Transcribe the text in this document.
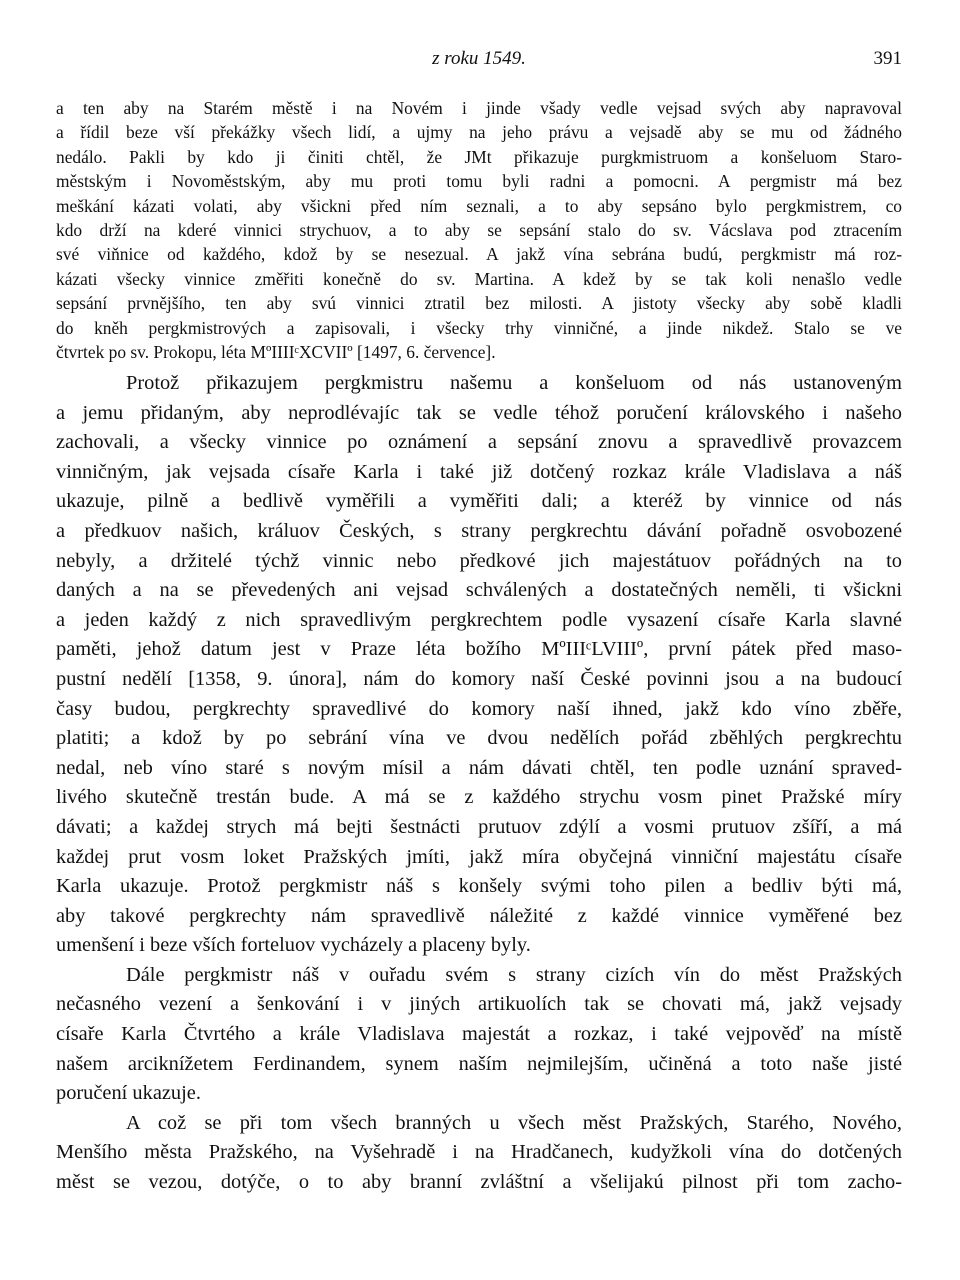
z roku 1549.	391

a ten aby na Starém městě i na Novém i jinde všady vedle vejsad svých aby napravoval
a řídil beze vší překážky všech lidí, a ujmy na jeho právu a vejsadě aby se mu od žádného
nedálo. Pakli by kdo ji činiti chtěl, že JMt přikazuje purgkmistruom a konšeluom Staro-
městským i Novoměstským, aby mu proti tomu byli radni a pomocni. A pergmistr má bez
meškání kázati volati, aby všickni před ním seznali, a to aby sepsáno bylo pergkmistrem, co
kdo drží na kderé vinnici strychuov, a to aby se sepsání stalo do sv. Vácslava pod ztracením
své viňnice od každého, kdož by se nesezual. A jakž vína sebrána budú, pergkmistr má roz-
kázati všecky vinnice změřiti konečně do sv. Martina. A kdež by se tak koli nenašlo vedle
sepsání prvnějšího, ten aby svú vinnici ztratil bez milosti. A jistoty všecky aby sobě kladli
do kněh pergkmistrových a zapisovali, i všecky trhy vinničné, a jinde nikdež. Stalo se ve
čtvrtek po sv. Prokopu, léta MºIIIIᶜXCVIIº [1497, 6. července].

Protož přikazujem pergkmistru našemu a konšeluom od nás ustanoveným
a jemu přidaným, aby neprodlévajíc tak se vedle téhož poručení královského i našeho
zachovali, a všecky vinnice po oznámení a sepsání znovu a spravedlivě provazcem
vinničným, jak vejsada císaře Karla i také již dotčený rozkaz krále Vladislava a náš
ukazuje, pilně a bedlivě vyměřili a vyměřiti dali; a kteréž by vinnice od nás
a předkuov našich, králuov Českých, s strany pergkrechtu dávání pořadně osvobozené
nebyly, a držitelé týchž vinnic nebo předkové jich majestátuov pořádných na to
daných a na se převedených ani vejsad schválených a dostatečných neměli, ti všickni
a jeden každý z nich spravedlivým pergkrechtem podle vysazení císaře Karla slavné
paměti, jehož datum jest v Praze léta božího MºIIIᶜLVIIIº, první pátek před maso-
pustní nedělí [1358, 9. února], nám do komory naší České povinni jsou a na budoucí
časy budou, pergkrechty spravedlivé do komory naší ihned, jakž kdo víno zběře,
platiti; a kdož by po sebrání vína ve dvou nedělích pořád zběhlých pergkrechtu
nedal, neb víno staré s novým mísil a nám dávati chtěl, ten podle uznání spraved-
livého skutečně trestán bude. A má se z každého strychu vosm pinet Pražské míry
dávati; a každej strych má bejti šestnácti prutuov zdýlí a vosmi prutuov zšíří, a má
každej prut vosm loket Pražských jmíti, jakž míra obyčejná vinniční majestátu císaře
Karla ukazuje. Protož pergkmistr náš s konšely svými toho pilen a bedliv býti má,
aby takové pergkrechty nám spravedlivě náležité z každé vinnice vyměřené bez
umenšení i beze vších forteluov vycházely a placeny byly.

Dále pergkmistr náš v ouřadu svém s strany cizích vín do měst Pražských
nečasného vezení a šenkování i v jiných artikuolích tak se chovati má, jakž vejsady
císaře Karla Čtvrtého a krále Vladislava majestát a rozkaz, i také vejpověď na místě
našem arciknížetem Ferdinandem, synem naším nejmilejším, učiněná a toto naše jisté
poručení ukazuje.

A což se při tom všech branných u všech měst Pražských, Starého, Nového,
Menšího města Pražského, na Vyšehradě i na Hradčanech, kudyžkoli vína do dotčených
měst se vezou, dotýče, o to aby branní zvláštní a všelijakú pilnost při tom zacho-
